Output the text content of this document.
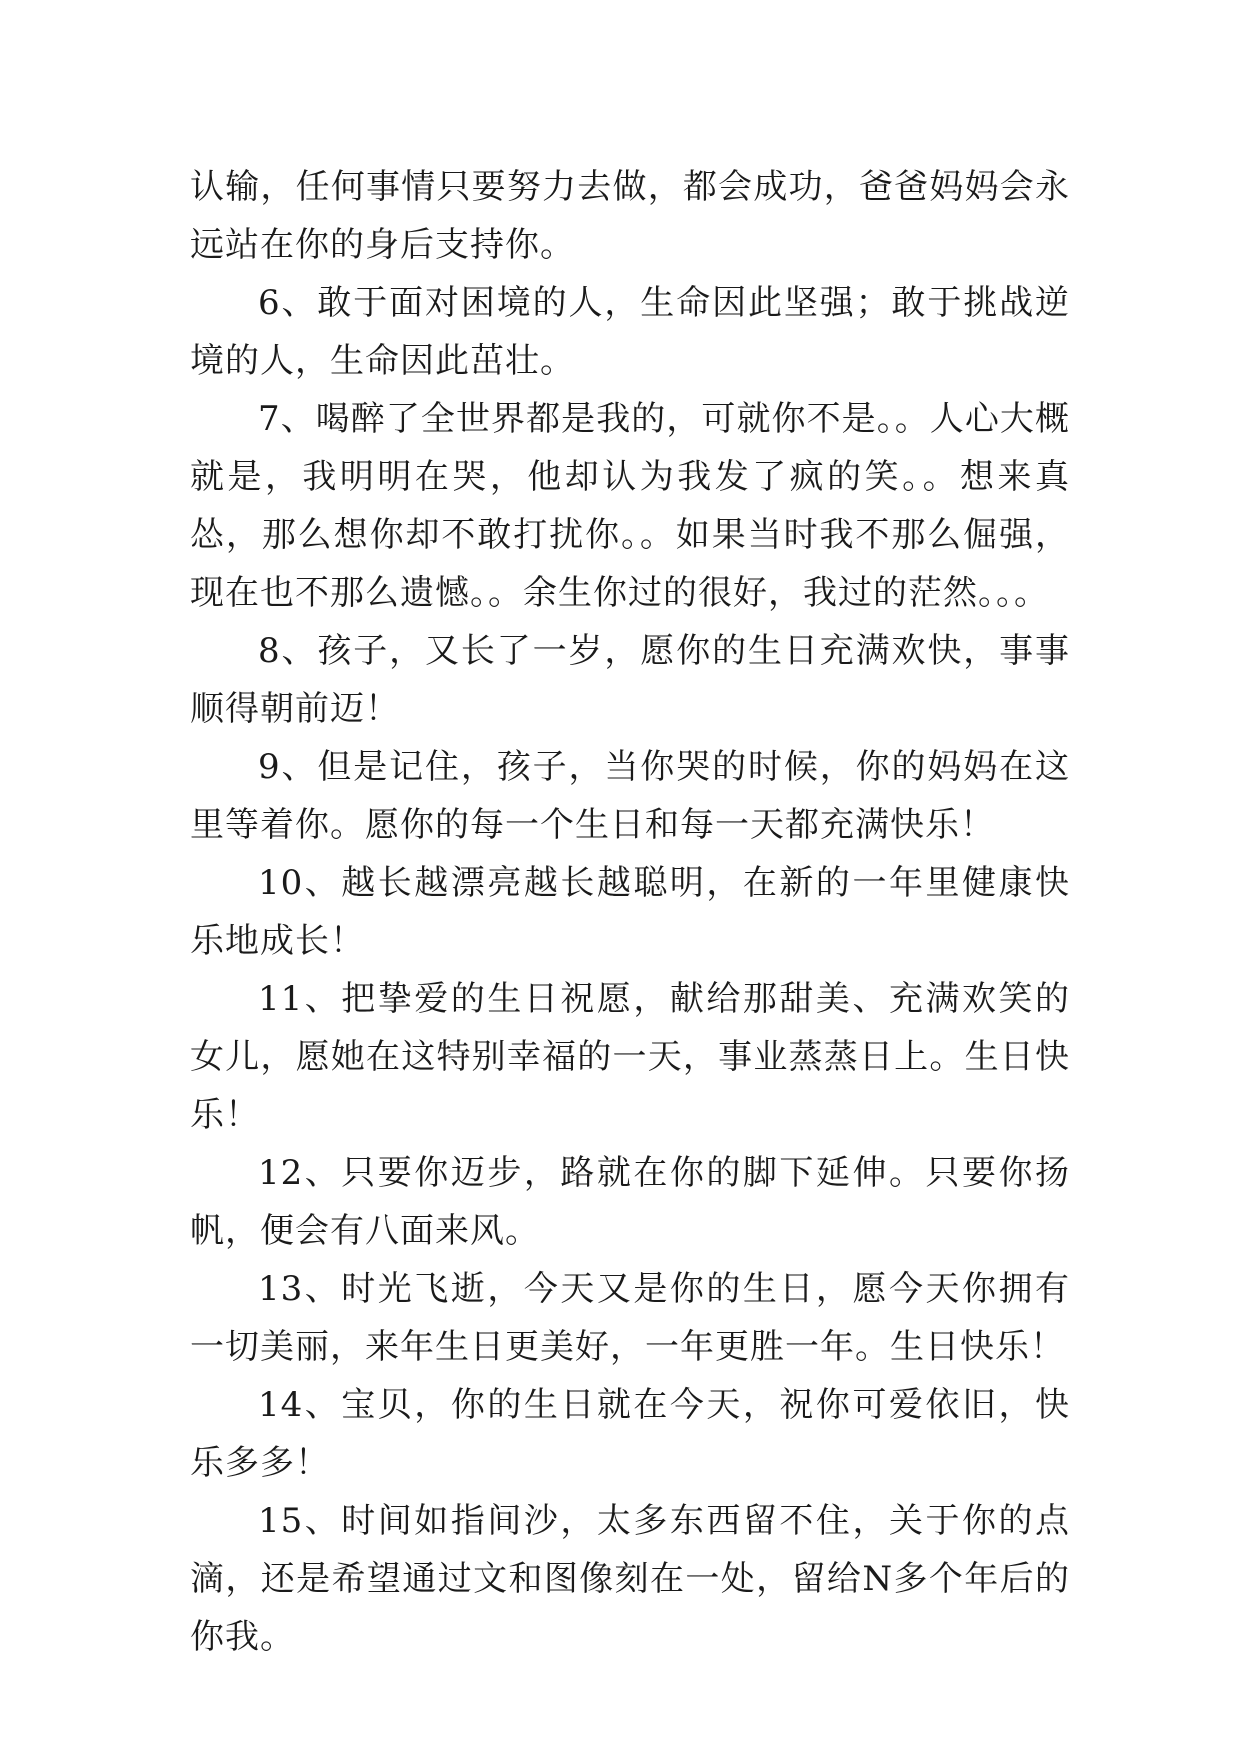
认输，任何事情只要努力去做，都会成功，爸爸妈妈会永远站在你的身后支持你。

6、敢于面对困境的人，生命因此坚强；敢于挑战逆境的人，生命因此茁壮。

7、喝醉了全世界都是我的，可就你不是。。人心大概就是，我明明在哭，他却认为我发了疯的笑。。想来真怂，那么想你却不敢打扰你。。如果当时我不那么倔强，现在也不那么遗憾。。余生你过的很好，我过的茫然。。。

8、孩子，又长了一岁，愿你的生日充满欢快，事事顺得朝前迈！

9、但是记住，孩子，当你哭的时候，你的妈妈在这里等着你。愿你的每一个生日和每一天都充满快乐！

10、越长越漂亮越长越聪明，在新的一年里健康快乐地成长！

11、把挚爱的生日祝愿，献给那甜美、充满欢笑的女儿，愿她在这特别幸福的一天，事业蒸蒸日上。生日快乐！

12、只要你迈步，路就在你的脚下延伸。只要你扬帆，便会有八面来风。

13、时光飞逝，今天又是你的生日，愿今天你拥有一切美丽，来年生日更美好，一年更胜一年。生日快乐！

14、宝贝，你的生日就在今天，祝你可爱依旧，快乐多多！

15、时间如指间沙，太多东西留不住，关于你的点滴，还是希望通过文和图像刻在一处，留给N多个年后的你我。
